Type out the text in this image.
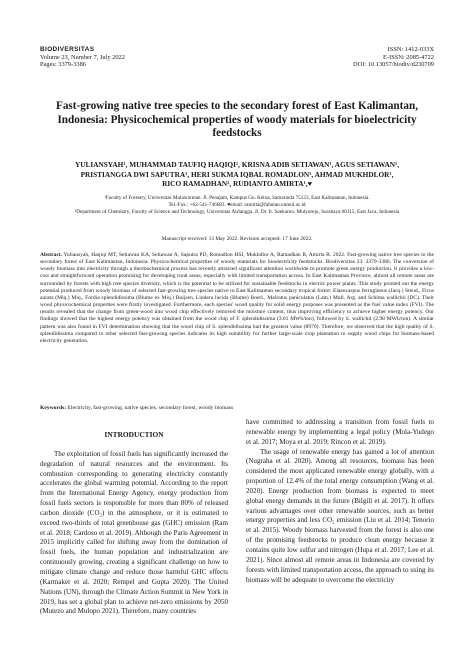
BIODIVERSITAS
Volume 23, Number 7, July 2022
Pages: 3379-3386
ISSN: 1412-033X
E-ISSN: 2085-4722
DOI: 10.13057/biodiv/d230709
Fast-growing native tree species to the secondary forest of East Kalimantan, Indonesia: Physicochemical properties of woody materials for bioelectricity feedstocks
YULIANSYAH¹, MUHAMMAD TAUFIQ HAQIQI¹, KRISNA ADIB SETIAWAN¹, AGUS SETIAWAN¹,
PRISTIANGGA DWI SAPUTRA¹, HERI SUKMA IQBAL ROMADLON¹, AHMAD MUKHDLOR¹,
RICO RAMADHAN², RUDIANTO AMIRTA¹,♥
¹Faculty of Forestry, Universitas Mulawarman. Jl. Penajam, Kampus Gn. Kelua, Samarinda 75123, East Kalimantan, Indonesia.
Tel./Fax.: +62-541-746683. ♥email: ramirta@fahutan.unmul.ac.id
²Department of Chemistry, Faculty of Science and Technology, Universitas Airlangga. Jl. Dr. Ir. Soekarno, Mulyorejo, Surabaya 60115, East Java, Indonesia
Manuscript received: 13 May 2022. Revision accepted: 17 June 2022.
Abstract. Yuliansyah, Haqiqi MT, Setiawan KA, Setiawan A, Saputra PD, Romadlon HSI, Mukhdlor A, Ramadhan R, Amirta R. 2022. Fast-growing native tree species to the secondary forest of East Kalimantan, Indonesia: Physicochemical properties of woody materials for bioelectricity feedstocks. Biodiversitas 23: 3379-3386. The conversion of woody biomass into electricity through a thermochemical process has recently attracted significant attention worldwide to promote green energy production. It provides a low-cost and straightforward operation promising for developing rural areas, especially with limited transportation access. In East Kalimantan Province, almost all remote areas are surrounded by forests with high tree species diversity, which is the potential to be utilized for sustainable feedstocks in electric power plants. This study pointed out the energy potential produced from woody biomass of selected fast-growing tree species native to East Kalimantan secondary tropical forest: Elaeocarpus ferrugineus (Jacq.) Steud., Ficus aurata (Miq.) Miq., Fordia splendidissima (Blume ex Miq.) Buijsen, Lindera lucida (Blume) Boerl., Mallotus paniculatus (Lam.) Mull. Arg. and Schima wallichii (DC). Their wood physicochemical properties were firstly investigated. Furthermore, each species' wood quality for solid energy purposes was presented as the fuel value index (FVI). The results revealed that the change from green-wood into wood chip effectively removed the moisture content, thus improving efficiency to achieve higher energy potency. Our findings showed that the highest energy potency was obtained from the wood chip of F. splendidissima (3.61 MWh/ton), followed by S. wallichii (2.98 MWh/ton). A similar pattern was also found in FVI determination showing that the wood chip of S. splendidissima had the greatest value (8970). Therefore, we observed that the high quality of S. splendidissima compared to other selected fast-growing species indicates its high suitability for further large-scale crop plantation to supply wood chips for biomass-based electricity generation.
Keywords: Electricity, fast-growing, native species, secondary forest, woody biomass
INTRODUCTION

The exploitation of fossil fuels has significantly increased the degradation of natural resources and the environment. Its combustion corresponding to generating electricity constantly accelerates the global warming potential. According to the report from the International Energy Agency, energy production from fossil fuels sectors is responsible for more than 80% of released carbon dioxide (CO₂) in the atmosphere, or it is estimated to exceed two-thirds of total greenhouse gas (GHC) emission (Ram et al. 2018; Cardoso et al. 2019). Although the Paris Agreement in 2015 implicitly called for shifting away from the domination of fossil fuels, the human population and industrialization are continuously growing, creating a significant challenge on how to mitigate climate change and reduce those harmful GHC effects (Karmaker et al. 2020; Rempel and Gupta 2020). The United Nations (UN), through the Climate Action Summit in New York in 2019, has set a global plan to achieve net-zero emissions by 2050 (Mutezo and Mulopo 2021). Therefore, many countries

have committed to addressing a transition from fossil fuels to renewable energy by implementing a legal policy (Mola-Yudego et al. 2017; Moya et al. 2019; Rincon et al. 2019).

The usage of renewable energy has gained a lot of attention (Nugraha et al. 2020). Among all resources, biomass has been considered the most applicated renewable energy globally, with a proportion of 12.4% of the total energy consumption (Wang et al. 2020). Energy production from biomass is expected to meet global energy demands in the future (Bilgili et al. 2017). It offers various advantages over other renewable sources, such as better energy properties and less CO₂ emission (Liu et al. 2014; Tenorio et al. 2015). Woody biomass harvested from the forest is also one of the promising feedstocks to produce clean energy because it contains quite low sulfur and nitrogen (Hupa et al. 2017; Lee et al. 2021). Since almost all remote areas in Indonesia are covered by forests with limited transportation access, the approach to using its biomass will be adequate to overcome the electricity
